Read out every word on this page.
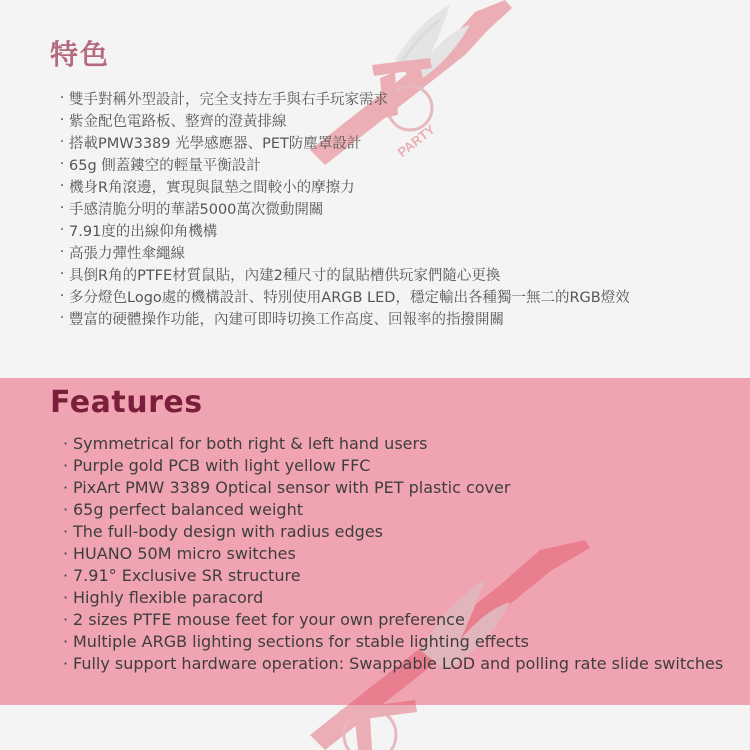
PARTY
特色
· 雙手對稱外型設計，完全支持左手與右手玩家需求
· 紫金配色電路板、整齊的澄黃排線
· 搭載PMW3389 光學感應器、PET防塵罩設計
· 65g 側蓋鏤空的輕量平衡設計
· 機身R角滾邊，實現與鼠墊之間較小的摩擦力
· 手感清脆分明的華諾5000萬次微動開關
· 7.91度的出線仰角機構
· 高張力彈性傘繩線
· 具倒R角的PTFE材質鼠貼，內建2種尺寸的鼠貼槽供玩家們隨心更換
· 多分燈色Logo處的機構設計、特別使用ARGB LED，穩定輸出各種獨一無二的RGB燈效
· 豐富的硬體操作功能，內建可即時切換工作高度、回報率的指撥開關
Features
· Symmetrical for both right & left hand users
· Purple gold PCB with light yellow FFC
· PixArt PMW 3389 Optical sensor with PET plastic cover
· 65g perfect balanced weight
· The full-body design with radius edges
· HUANO 50M micro switches
· 7.91° Exclusive SR structure
· Highly flexible paracord
· 2 sizes PTFE mouse feet for your own preference
· Multiple ARGB lighting sections for stable lighting effects
· Fully support hardware operation: Swappable LOD and polling rate slide switches
